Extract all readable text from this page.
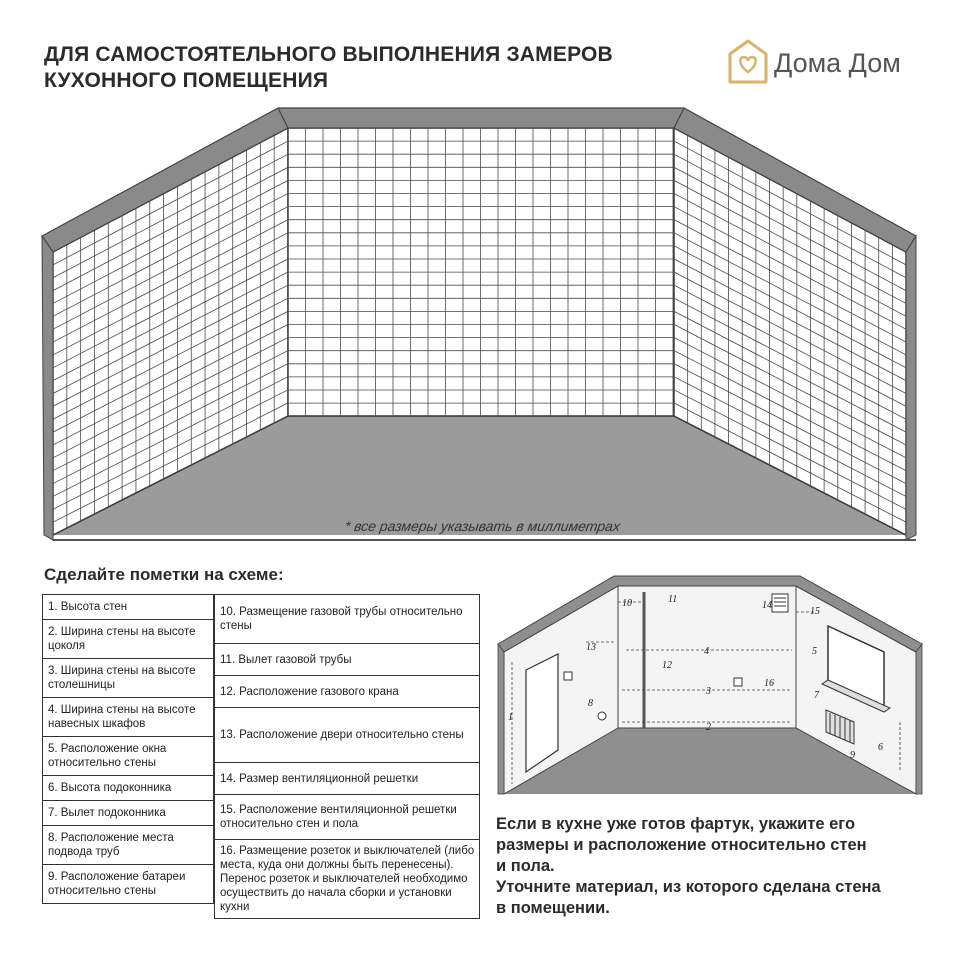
ДЛЯ САМОСТОЯТЕЛЬНОГО ВЫПОЛНЕНИЯ ЗАМЕРОВ
КУХОННОГО ПОМЕЩЕНИЯ
Дома Дом
* все размеры указывать в миллиметрах
Сделайте пометки на схеме:
1. Высота стен
2. Ширина стены на высоте цоколя
3. Ширина стены на высоте столешницы
4. Ширина стены на высоте навесных шкафов
5. Расположение окна относительно стены
6. Высота подоконника
7. Вылет подоконника
8. Расположение места подвода труб
9. Расположение батареи относительно стены
10. Размещение газовой трубы относительно стены
11. Вылет газовой трубы
12. Расположение газового крана
13. Расположение двери относительно стены
14. Размер вентиляционной решетки
15. Расположение вентиляционной решетки относительно стен и пола
16. Размещение розеток и выключателей (либо места, куда они должны быть перенесены). Перенос розеток и выключателей необходимо осуществить до начала сборки и установки кухни
1
2
3
4	5
6
7
8
9
10	11
12
13
14
15
16
Если в кухне уже готов фартук, укажите его
размеры и расположение относительно стен
и пола.
Уточните материал, из которого сделана стена
в помещении.
